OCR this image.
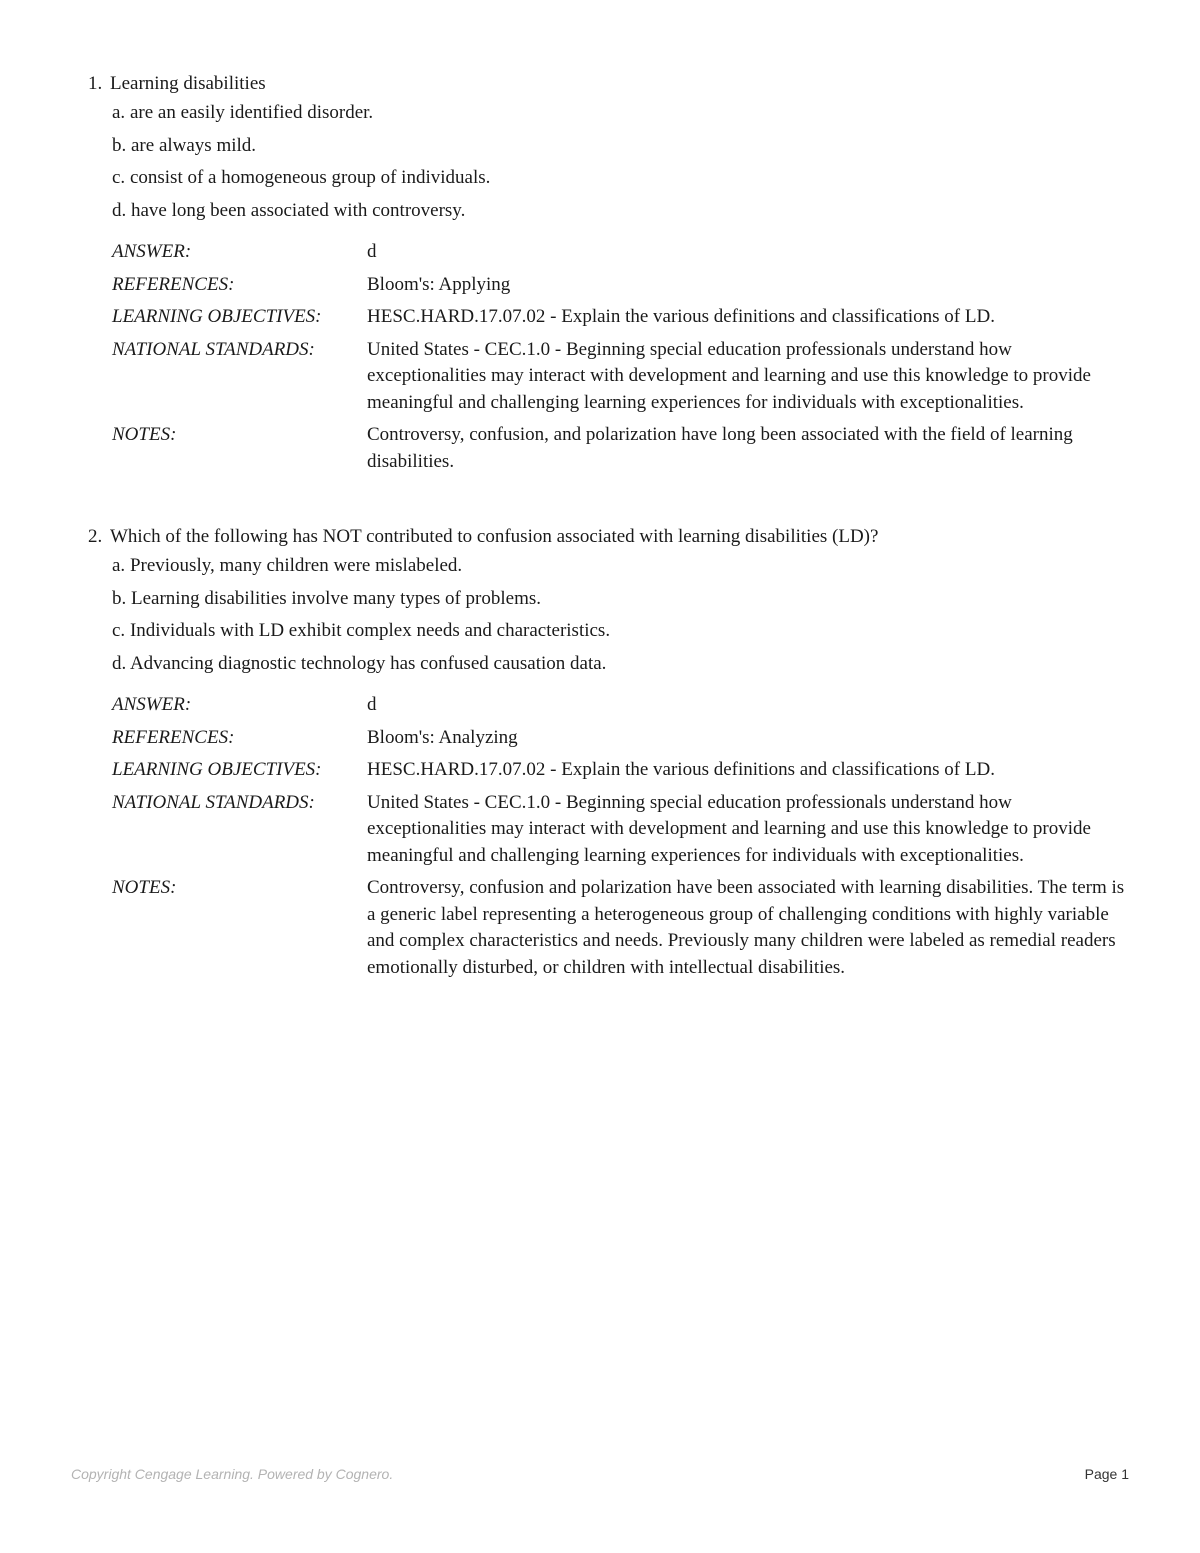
1. Learning disabilities
a. are an easily identified disorder.
b. are always mild.
c. consist of a homogeneous group of individuals.
d. have long been associated with controversy.
ANSWER:	d
REFERENCES:	Bloom's: Applying
LEARNING OBJECTIVES:	HESC.HARD.17.07.02 - Explain the various definitions and classifications of LD.
NATIONAL STANDARDS:	United States - CEC.1.0 - Beginning special education professionals understand how exceptionalities may interact with development and learning and use this knowledge to provide meaningful and challenging learning experiences for individuals with exceptionalities.
NOTES:	Controversy, confusion, and polarization have long been associated with the field of learning disabilities.
2. Which of the following has NOT contributed to confusion associated with learning disabilities (LD)?
a. Previously, many children were mislabeled.
b. Learning disabilities involve many types of problems.
c. Individuals with LD exhibit complex needs and characteristics.
d. Advancing diagnostic technology has confused causation data.
ANSWER:	d
REFERENCES:	Bloom's: Analyzing
LEARNING OBJECTIVES:	HESC.HARD.17.07.02 - Explain the various definitions and classifications of LD.
NATIONAL STANDARDS:	United States - CEC.1.0 - Beginning special education professionals understand how exceptionalities may interact with development and learning and use this knowledge to provide meaningful and challenging learning experiences for individuals with exceptionalities.
NOTES:	Controversy, confusion and polarization have been associated with learning disabilities. The term is a generic label representing a heterogeneous group of challenging conditions with highly variable and complex characteristics and needs. Previously many children were labeled as remedial readers emotionally disturbed, or children with intellectual disabilities.
Copyright Cengage Learning. Powered by Cognero.	Page 1
